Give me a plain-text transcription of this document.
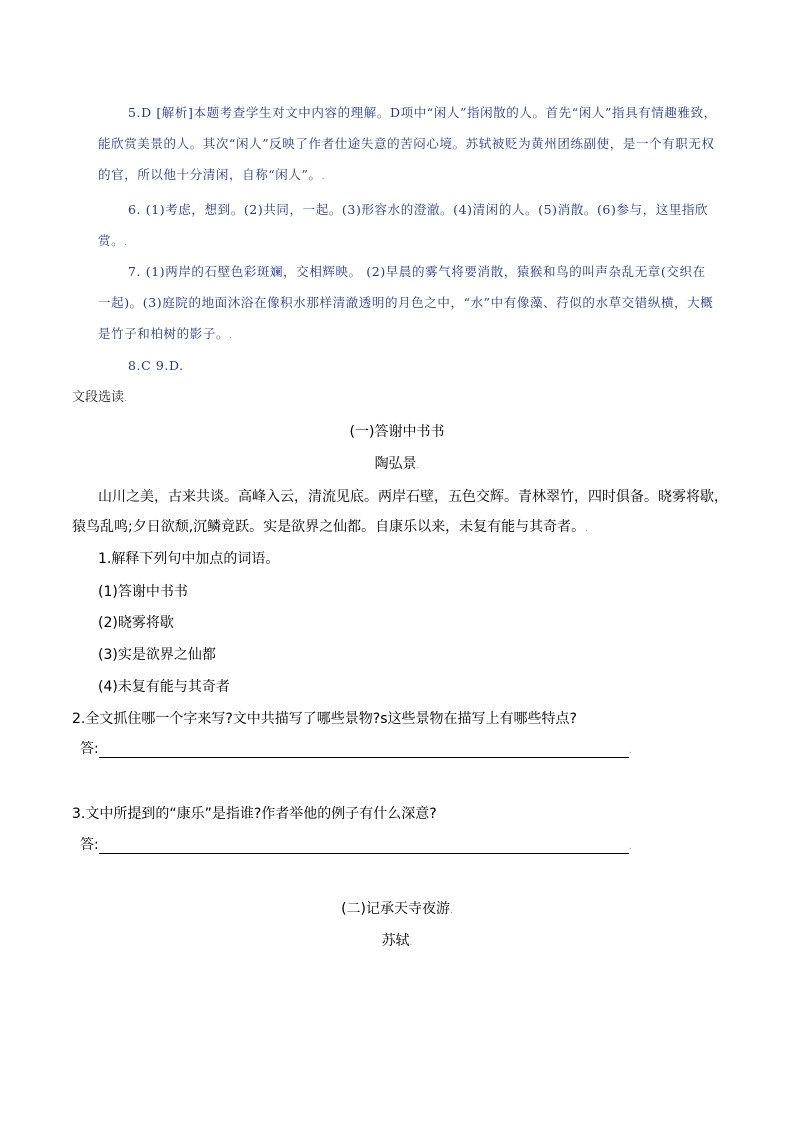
5.D [解析]本题考查学生对文中内容的理解。D项中“闲人”指闲散的人。首先“闲人”指具有情趣雅致，能欣赏美景的人。其次“闲人”反映了作者仕途失意的苦闷心境。苏轼被贬为黄州团练副使，是一个有职无权的官，所以他十分清闲，自称“闲人”。.
6. (1)考虑，想到。(2)共同，一起。(3)形容水的澄澈。(4)清闲的人。(5)消散。(6)参与，这里指欣赏。.
7. (1)两岸的石壁色彩斑斓，交相辉映。 (2)早晨的雾气将要消散，猿猴和鸟的叫声杂乱无章(交织在一起)。(3)庭院的地面沐浴在像积水那样清澈透明的月色之中，“水”中有像藻、荇似的水草交错纵横，大概是竹子和柏树的影子。.
8.C 9.D.
文段选读.
(一)答谢中书书
陶弘景.
山川之美，古来共谈。高峰入云，清流见底。两岸石壁，五色交辉。青林翠竹，四时俱备。晓雾将歇，
猿鸟乱鸣;夕日欲颓,沉鳞竟跃。实是欲界之仙都。自康乐以来，未复有能与其奇者。.
1.解释下列句中加点的词语。
(1)答谢中书书
(2)晓雾将歇
(3)实是欲界之仙都
(4)未复有能与其奇者
2.全文抓住哪一个字来写?文中共描写了哪些景物?s这些景物在描写上有哪些特点?
答:	.
3.文中所提到的“康乐”是指谁?作者举他的例子有什么深意?
答:	.
(二)记承天寺夜游.
苏轼.
